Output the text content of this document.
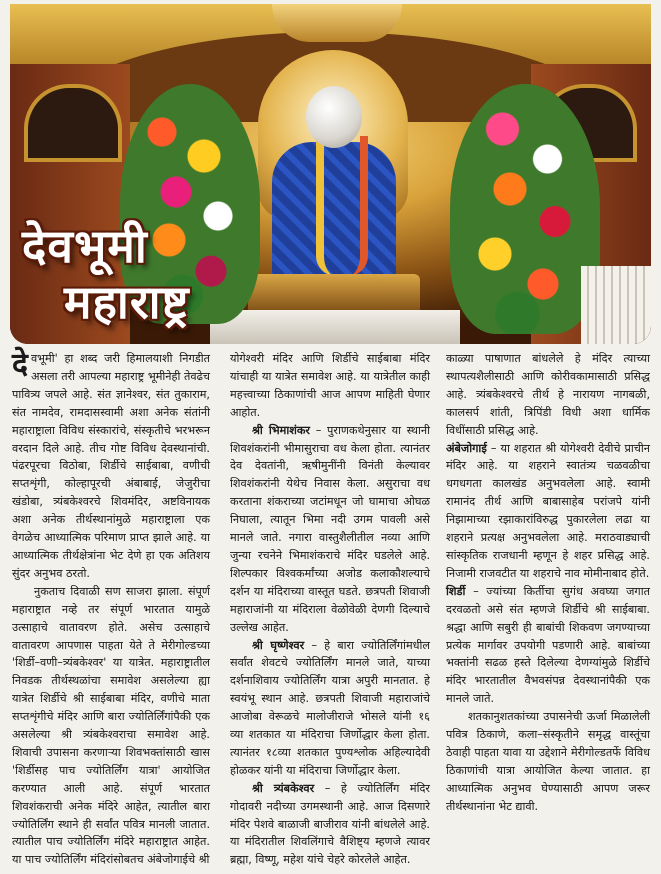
देवभूमी
महाराष्ट्र

देवभूमी' हा शब्द जरी हिमालयाशी निगडीत असला तरी आपल्या महाराष्ट्र भूमीनेही तेवढेच पावित्र्य जपले आहे. संत ज्ञानेश्वर, संत तुकाराम, संत नामदेव, रामदासस्वामी अशा अनेक संतांनी महाराष्ट्राला विविध संस्कारांचे, संस्कृतीचे भरभरून वरदान दिले आहे. तीच गोष्ट विविध देवस्थानांची. पंढरपूरचा विठोबा, शिर्डीचे साईबाबा, वणीची सप्तशृंगी, कोल्हापूरची अंबाबाई, जेजुरीचा खंडोबा, त्र्यंबकेश्वरचे शिवमंदिर, अष्टविनायक अशा अनेक तीर्थस्थानांमुळे महाराष्ट्राला एक वेगळेच आध्यात्मिक परिमाण प्राप्त झाले आहे. या आध्यात्मिक तीर्थक्षेत्रांना भेट देणे हा एक अतिशय सुंदर अनुभव ठरतो.

नुकताच दिवाळी सण साजरा झाला. संपूर्ण महाराष्ट्रात नव्हे तर संपूर्ण भारतात यामुळे उत्साहाचे वातावरण होते. असेच उत्साहाचे वातावरण आपणास पाहता येते ते मेरीगोल्डच्या 'शिर्डी–वणी–त्र्यंबकेश्वर' या यात्रेत. महाराष्ट्रातील निवडक तीर्थस्थळांचा समावेश असलेल्या ह्या यात्रेत शिर्डीचे श्री साईबाबा मंदिर, वणीचे माता सप्तशृंगीचे मंदिर आणि बारा ज्योतिर्लिंगांपैकी एक असलेल्या श्री त्र्यंबकेश्वराचा समावेश आहे. शिवाची उपासना करणाऱ्या शिवभक्तांसाठी खास 'शिर्डीसह पाच ज्योतिर्लिंग यात्रा' आयोजित करण्यात आली आहे. संपूर्ण भारतात शिवशंकराची अनेक मंदिरे आहेत, त्यातील बारा ज्योतिर्लिंग स्थाने ही सर्वांत पवित्र मानली जातात. त्यातील पाच ज्योतिर्लिंग मंदिरे महाराष्ट्रात आहेत. या पाच ज्योतिर्लिंग मंदिरांसोबतच अंबेजोगाईचे श्री

योगेश्वरी मंदिर आणि शिर्डीचे साईबाबा मंदिर यांचाही या यात्रेत समावेश आहे. या यात्रेतील काही महत्त्वाच्या ठिकाणांची आज आपण माहिती घेणार आहोत.

श्री भिमाशंकर – पुराणकथेनुसार या स्थानी शिवशंकरांनी भीमासुराचा वध केला होता. त्यानंतर देव देवतांनी, ऋषीमुनींनी विनंती केल्यावर शिवशंकरांनी येथेच निवास केला. असुराचा वध करताना शंकराच्या जटांमधून जो घामाचा ओघळ निघाला, त्यातून भिमा नदी उगम पावली असे मानले जाते. नगारा वास्तुशैलीतील नव्या आणि जुन्या रचनेने भिमाशंकराचे मंदिर घडलेले आहे. शिल्पकार विश्वकर्मांच्या अजोड कलाकौशल्याचे दर्शन या मंदिराच्या वास्तूत घडते. छत्रपती शिवाजी महाराजांनी या मंदिराला वेळोवेळी देणगी दिल्याचे उल्लेख आहेत.

श्री घृष्णेश्वर – हे बारा ज्योतिर्लिंगांमधील सर्वांत शेवटचे ज्योतिर्लिंग मानले जाते, याच्या दर्शनाशिवाय ज्योतिर्लिंग यात्रा अपुरी मानतात. हे स्वयंभू स्थान आहे. छत्रपती शिवाजी महाराजांचे आजोबा वेरूळचे मालोजीराजे भोसले यांनी १६ व्या शतकात या मंदिराचा जिर्णोद्धार केला होता. त्यानंतर १८व्या शतकात पुण्यश्लोक अहिल्यादेवी होळकर यांनी या मंदिराचा जिर्णोद्धार केला.

श्री त्र्यंबकेश्वर – हे ज्योतिर्लिंग मंदिर गोदावरी नदीच्या उगमस्थानी आहे. आज दिसणारे मंदिर पेशवे बाळाजी बाजीराव यांनी बांधलेले आहे. या मंदिरातील शिवलिंगाचे वैशिष्ट्य म्हणजे त्यावर ब्रह्मा, विष्णू, महेश यांचे चेहरे कोरलेले आहेत.

काळ्या पाषाणात बांधलेले हे मंदिर त्याच्या स्थापत्यशैलीसाठी आणि कोरीवकामासाठी प्रसिद्ध आहे. त्र्यंबकेश्वरचे तीर्थ हे नारायण नागबळी, कालसर्प शांती, त्रिपिंडी विधी अशा धार्मिक विधींसाठी प्रसिद्ध आहे.

अंबेजोगाई – या शहरात श्री योगेश्वरी देवीचे प्राचीन मंदिर आहे. या शहराने स्वातंत्र्य चळवळीचा धगधगता कालखंड अनुभवलेला आहे. स्वामी रामानंद तीर्थ आणि बाबासाहेब परांजपे यांनी निझामाच्या रझाकारांविरुद्ध पुकारलेला लढा या शहराने प्रत्यक्ष अनुभवलेला आहे. मराठवाड्याची सांस्कृतिक राजधानी म्हणून हे शहर प्रसिद्ध आहे. निजामी राजवटीत या शहराचे नाव मोमीनाबाद होते.

शिर्डी – ज्यांच्या किर्तीचा सुगंध अवघ्या जगात दरवळतो असे संत म्हणजे शिर्डीचे श्री साईबाबा. श्रद्धा आणि सबुरी ही बाबांची शिकवण जगण्याच्या प्रत्येक मार्गावर उपयोगी पडणारी आहे. बाबांच्या भक्तांनी सढळ हस्ते दिलेल्या देणग्यांमुळे शिर्डीचे मंदिर भारतातील वैभवसंपन्न देवस्थानांपैकी एक मानले जाते.

शतकानुशतकांच्या उपासनेची ऊर्जा मिळालेली पवित्र ठिकाणे, कला–संस्कृतीने समृद्ध वास्तूंचा ठेवाही पाहता यावा या उद्देशाने मेरीगोल्डतर्फे विविध ठिकाणांची यात्रा आयोजित केल्या जातात. हा आध्यात्मिक अनुभव घेण्यासाठी आपण जरूर तीर्थस्थानांना भेट द्यावी.
